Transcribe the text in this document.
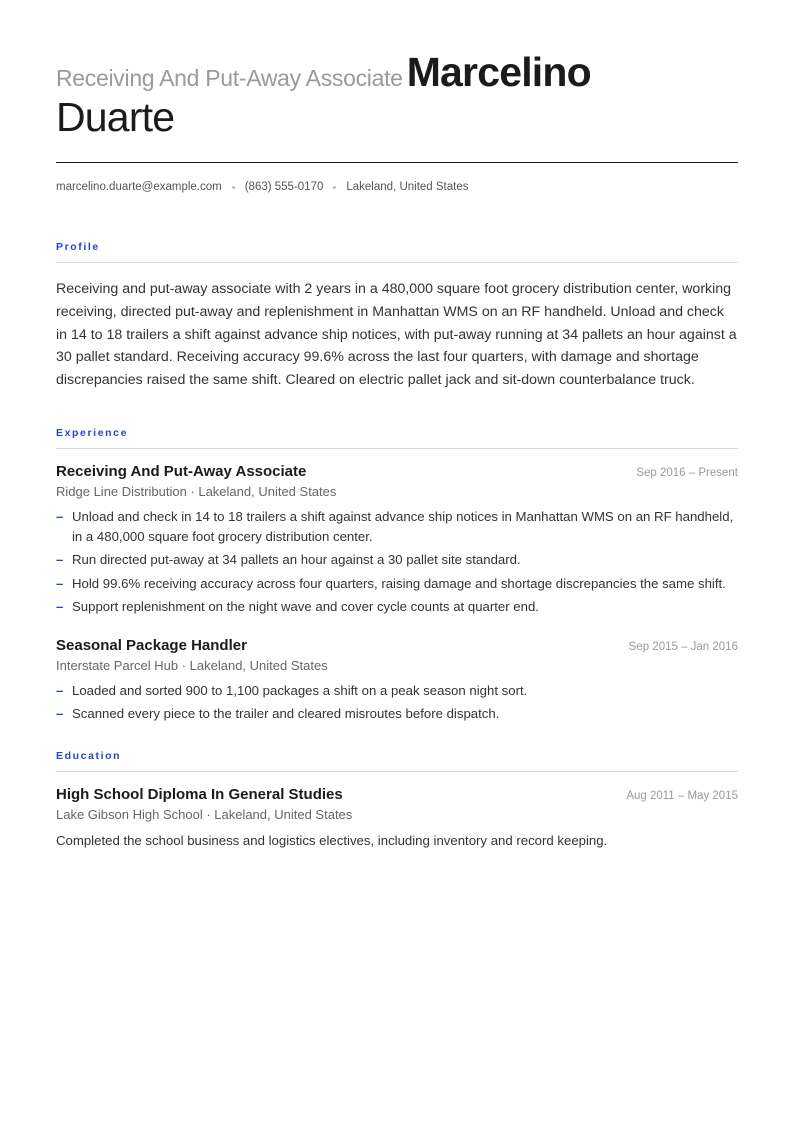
Receiving And Put-Away AssociateMarcelino
Duarte
marcelino.duarte@example.com (863) 555-0170 Lakeland, United States
Profile

Receiving and put-away associate with 2 years in a 480,000 square foot grocery distribution center, working receiving, directed put-away and replenishment in Manhattan WMS on an RF handheld. Unload and check in 14 to 18 trailers a shift against advance ship notices, with put-away running at 34 pallets an hour against a 30 pallet standard. Receiving accuracy 99.6% across the last four quarters, with damage and shortage discrepancies raised the same shift. Cleared on electric pallet jack and sit-down counterbalance truck.

Experience
Receiving And Put-Away Associate	Sep 2016 – Present
Ridge Line Distribution · Lakeland, United States
– Unload and check in 14 to 18 trailers a shift against advance ship notices in Manhattan WMS on an RF handheld, in a 480,000 square foot grocery distribution center.
– Run directed put-away at 34 pallets an hour against a 30 pallet site standard.
– Hold 99.6% receiving accuracy across four quarters, raising damage and shortage discrepancies the same shift.
– Support replenishment on the night wave and cover cycle counts at quarter end.
Seasonal Package Handler	Sep 2015 – Jan 2016
Interstate Parcel Hub · Lakeland, United States
– Loaded and sorted 900 to 1,100 packages a shift on a peak season night sort.
– Scanned every piece to the trailer and cleared misroutes before dispatch.
Education
High School Diploma In General Studies	Aug 2011 – May 2015
Lake Gibson High School · Lakeland, United States

Completed the school business and logistics electives, including inventory and record keeping.
